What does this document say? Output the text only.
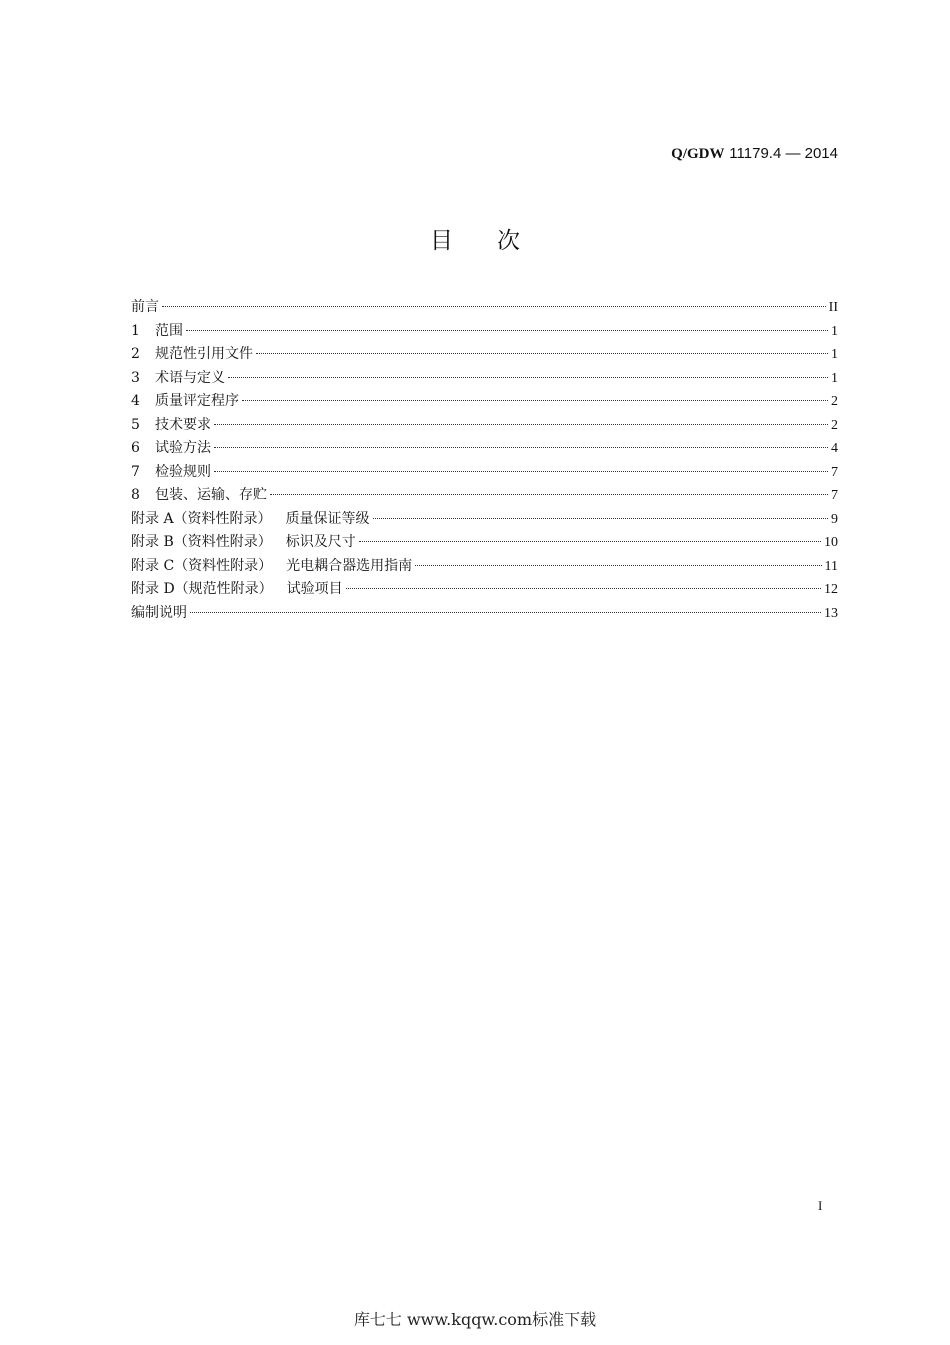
Q/GDW 11179.4 — 2014
目次
前言	II
1	范围	1
2	规范性引用文件	1
3	术语与定义	1
4	质量评定程序	2
5	技术要求	2
6	试验方法	4
7	检验规则	7
8	包装、运输、存贮	7
附录 A（资料性附录） 质量保证等级	9
附录 B（资料性附录） 标识及尺寸	10
附录 C（资料性附录） 光电耦合器选用指南	11
附录 D（规范性附录） 试验项目	12
编制说明	13
I
库七七 www.kqqw.com标准下载
